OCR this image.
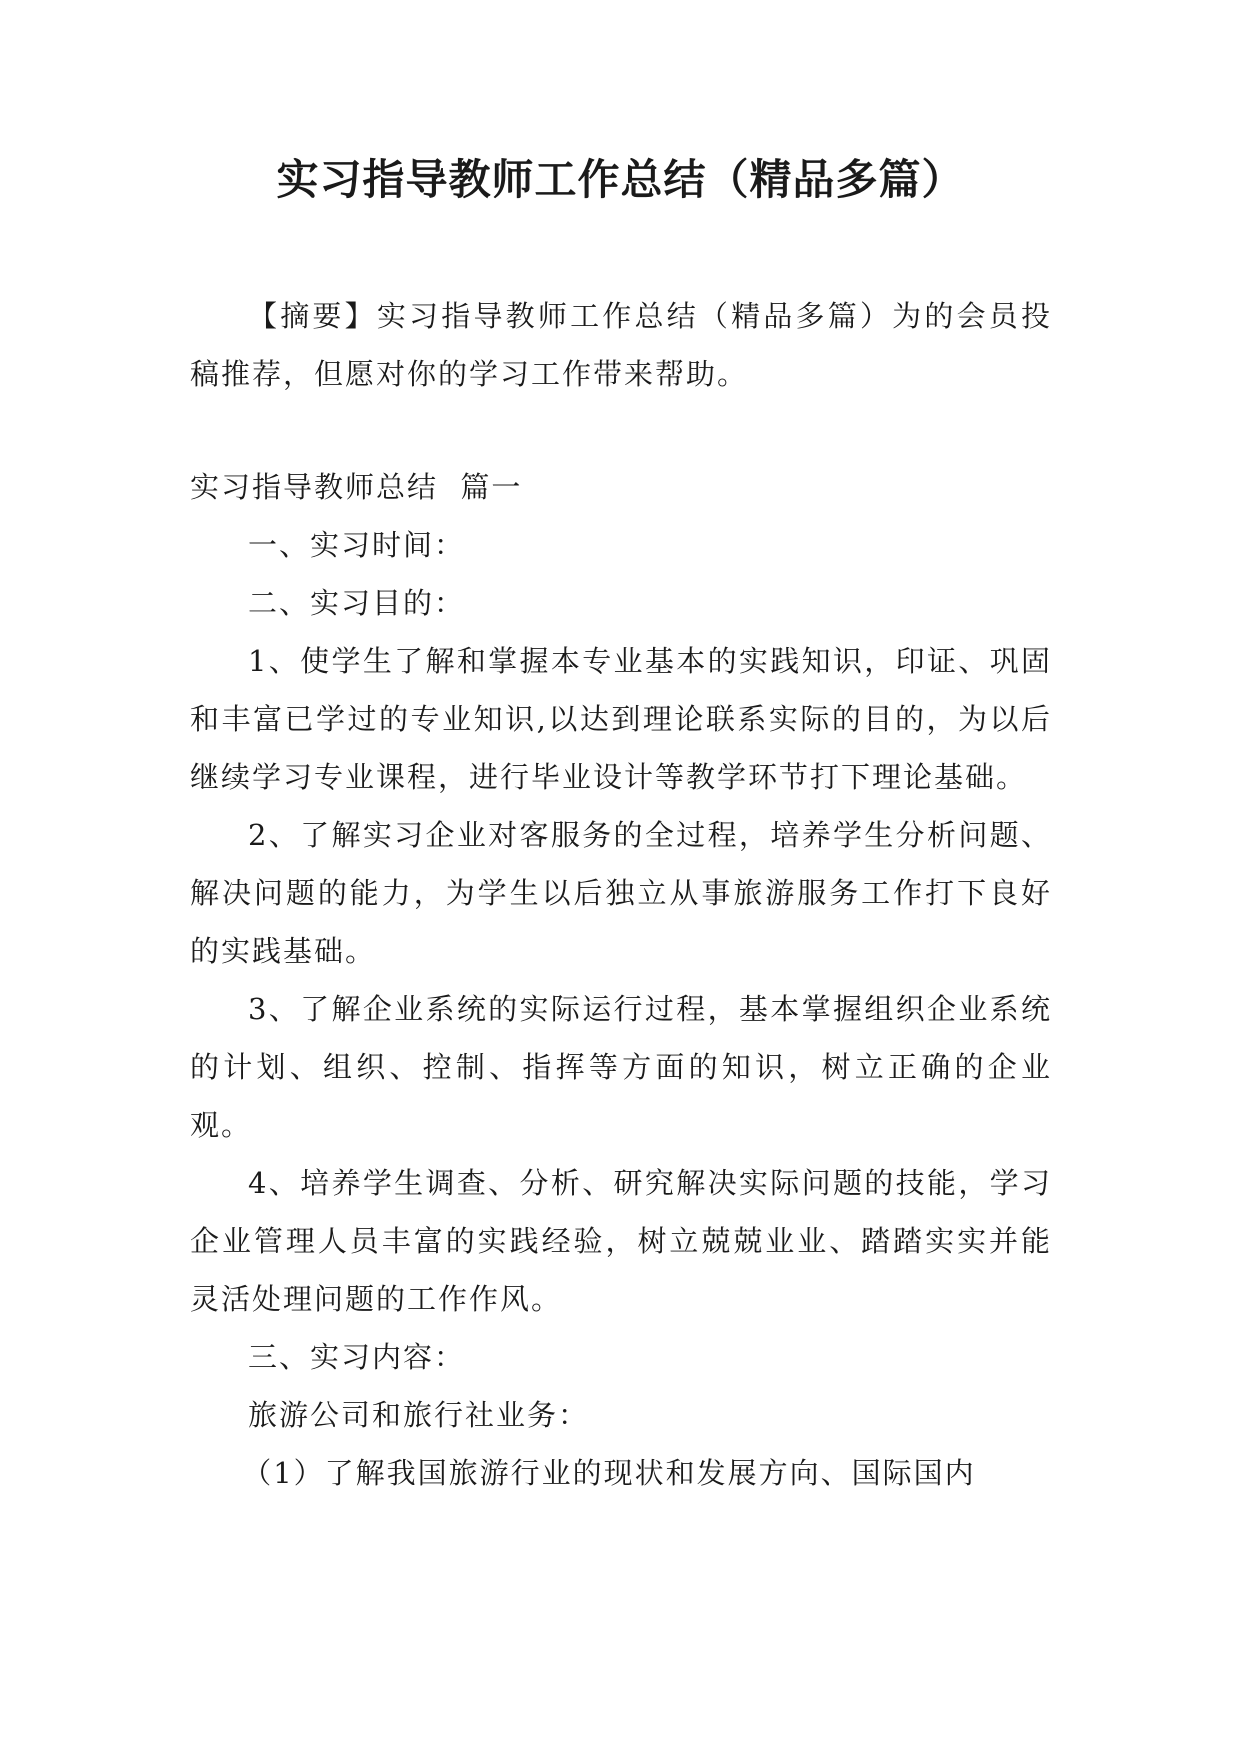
实习指导教师工作总结（精品多篇）

【摘要】实习指导教师工作总结（精品多篇）为的会员投稿推荐，但愿对你的学习工作带来帮助。

实习指导教师总结  篇一

一、实习时间：

二、实习目的：

1、使学生了解和掌握本专业基本的实践知识，印证、巩固和丰富已学过的专业知识,以达到理论联系实际的目的，为以后继续学习专业课程，进行毕业设计等教学环节打下理论基础。

2、了解实习企业对客服务的全过程，培养学生分析问题、解决问题的能力，为学生以后独立从事旅游服务工作打下良好的实践基础。

3、了解企业系统的实际运行过程，基本掌握组织企业系统的计划、组织、控制、指挥等方面的知识，树立正确的企业观。

4、培养学生调查、分析、研究解决实际问题的技能，学习企业管理人员丰富的实践经验，树立兢兢业业、踏踏实实并能灵活处理问题的工作作风。

三、实习内容：

旅游公司和旅行社业务：

（1）了解我国旅游行业的现状和发展方向、国际国内
